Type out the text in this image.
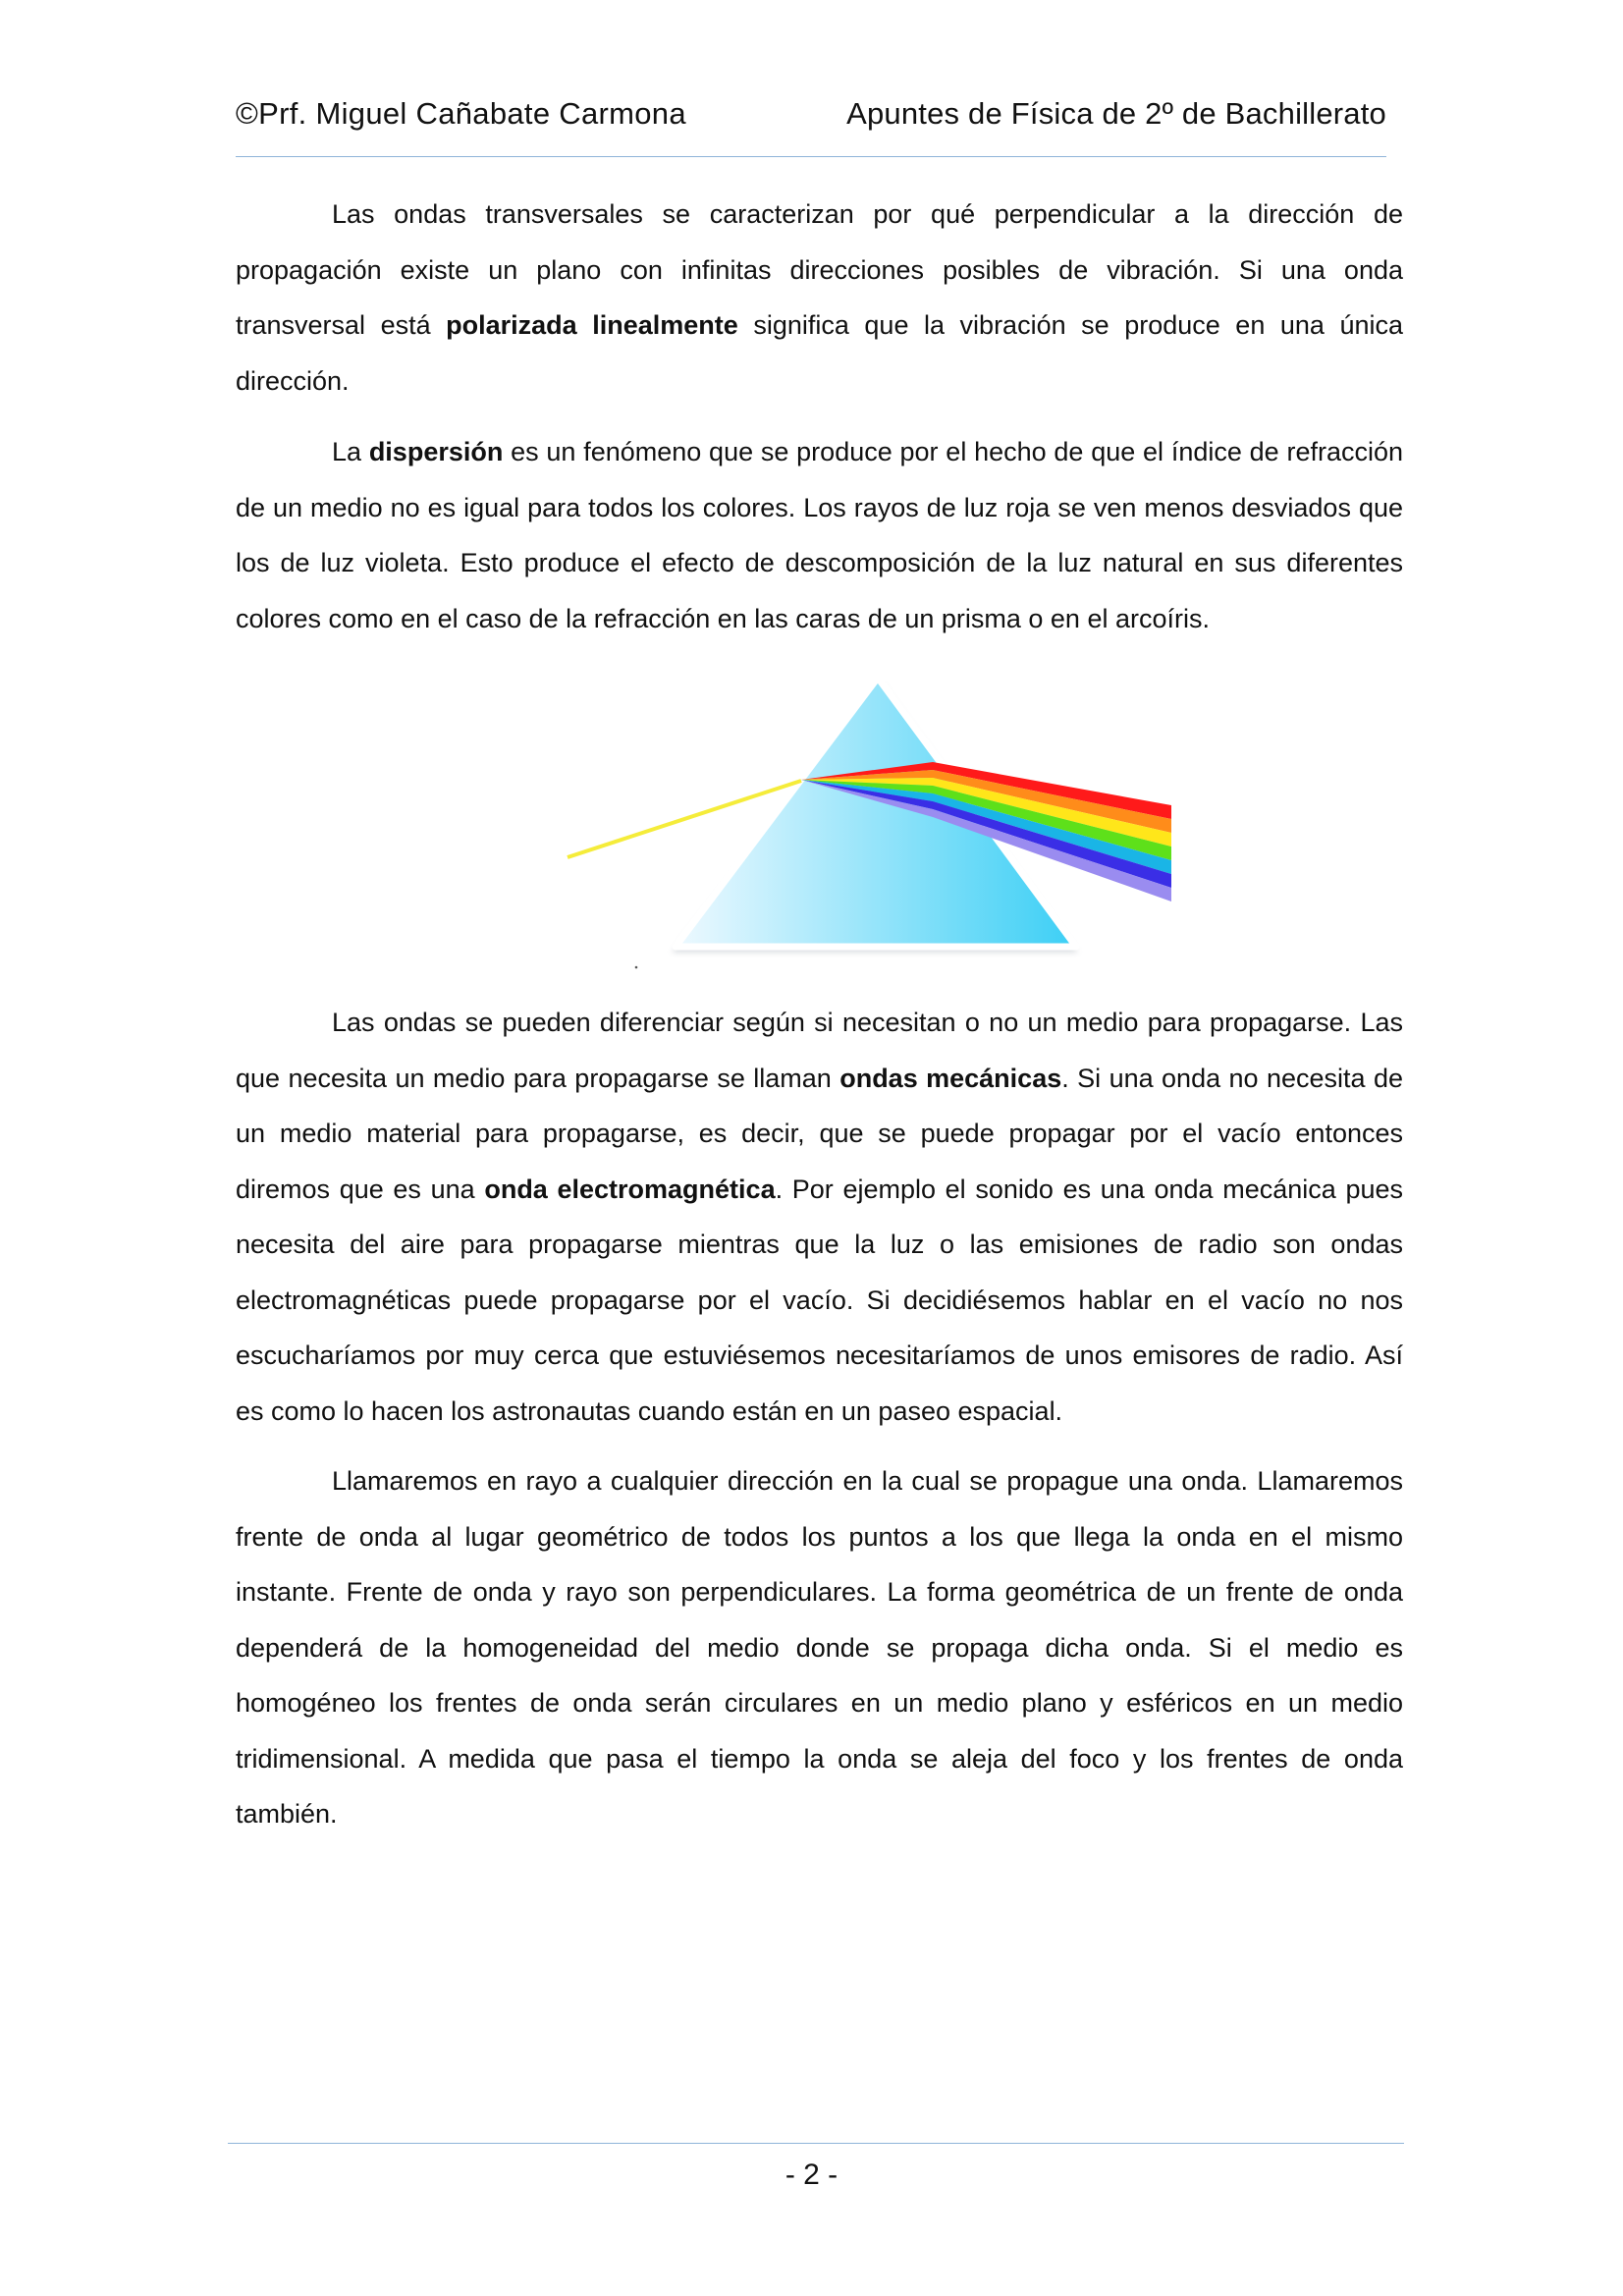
©Prf. Miguel Cañabate Carmona	Apuntes de Física de 2º de Bachillerato

Las ondas transversales se caracterizan por qué perpendicular a la dirección de propagación existe un plano con infinitas direcciones posibles de vibración. Si una onda transversal está polarizada linealmente significa que la vibración se produce en una única dirección.

La dispersión es un fenómeno que se produce por el hecho de que el índice de refracción de un medio no es igual para todos los colores. Los rayos de luz roja se ven menos desviados que los de luz violeta. Esto produce el efecto de descomposición de la luz natural en sus diferentes colores como en el caso de la refracción en las caras de un prisma o en el arcoíris.

Las ondas se pueden diferenciar según si necesitan o no un medio para propagarse. Las que necesita un medio para propagarse se llaman ondas mecánicas. Si una onda no necesita de un medio material para propagarse, es decir, que se puede propagar por el vacío entonces diremos que es una onda electromagnética. Por ejemplo el sonido es una onda mecánica pues necesita del aire para propagarse mientras que la luz o las emisiones de radio son ondas electromagnéticas puede propagarse por el vacío. Si decidiésemos hablar en el vacío no nos escucharíamos por muy cerca que estuviésemos necesitaríamos de unos emisores de radio. Así es como lo hacen los astronautas cuando están en un paseo espacial.

Llamaremos en rayo a cualquier dirección en la cual se propague una onda. Llamaremos frente de onda al lugar geométrico de todos los puntos a los que llega la onda en el mismo instante. Frente de onda y rayo son perpendiculares. La forma geométrica de un frente de onda dependerá de la homogeneidad del medio donde se propaga dicha onda. Si el medio es homogéneo los frentes de onda serán circulares en un medio plano y esféricos en un medio tridimensional. A medida que pasa el tiempo la onda se aleja del foco y los frentes de onda también.

- 2 -
